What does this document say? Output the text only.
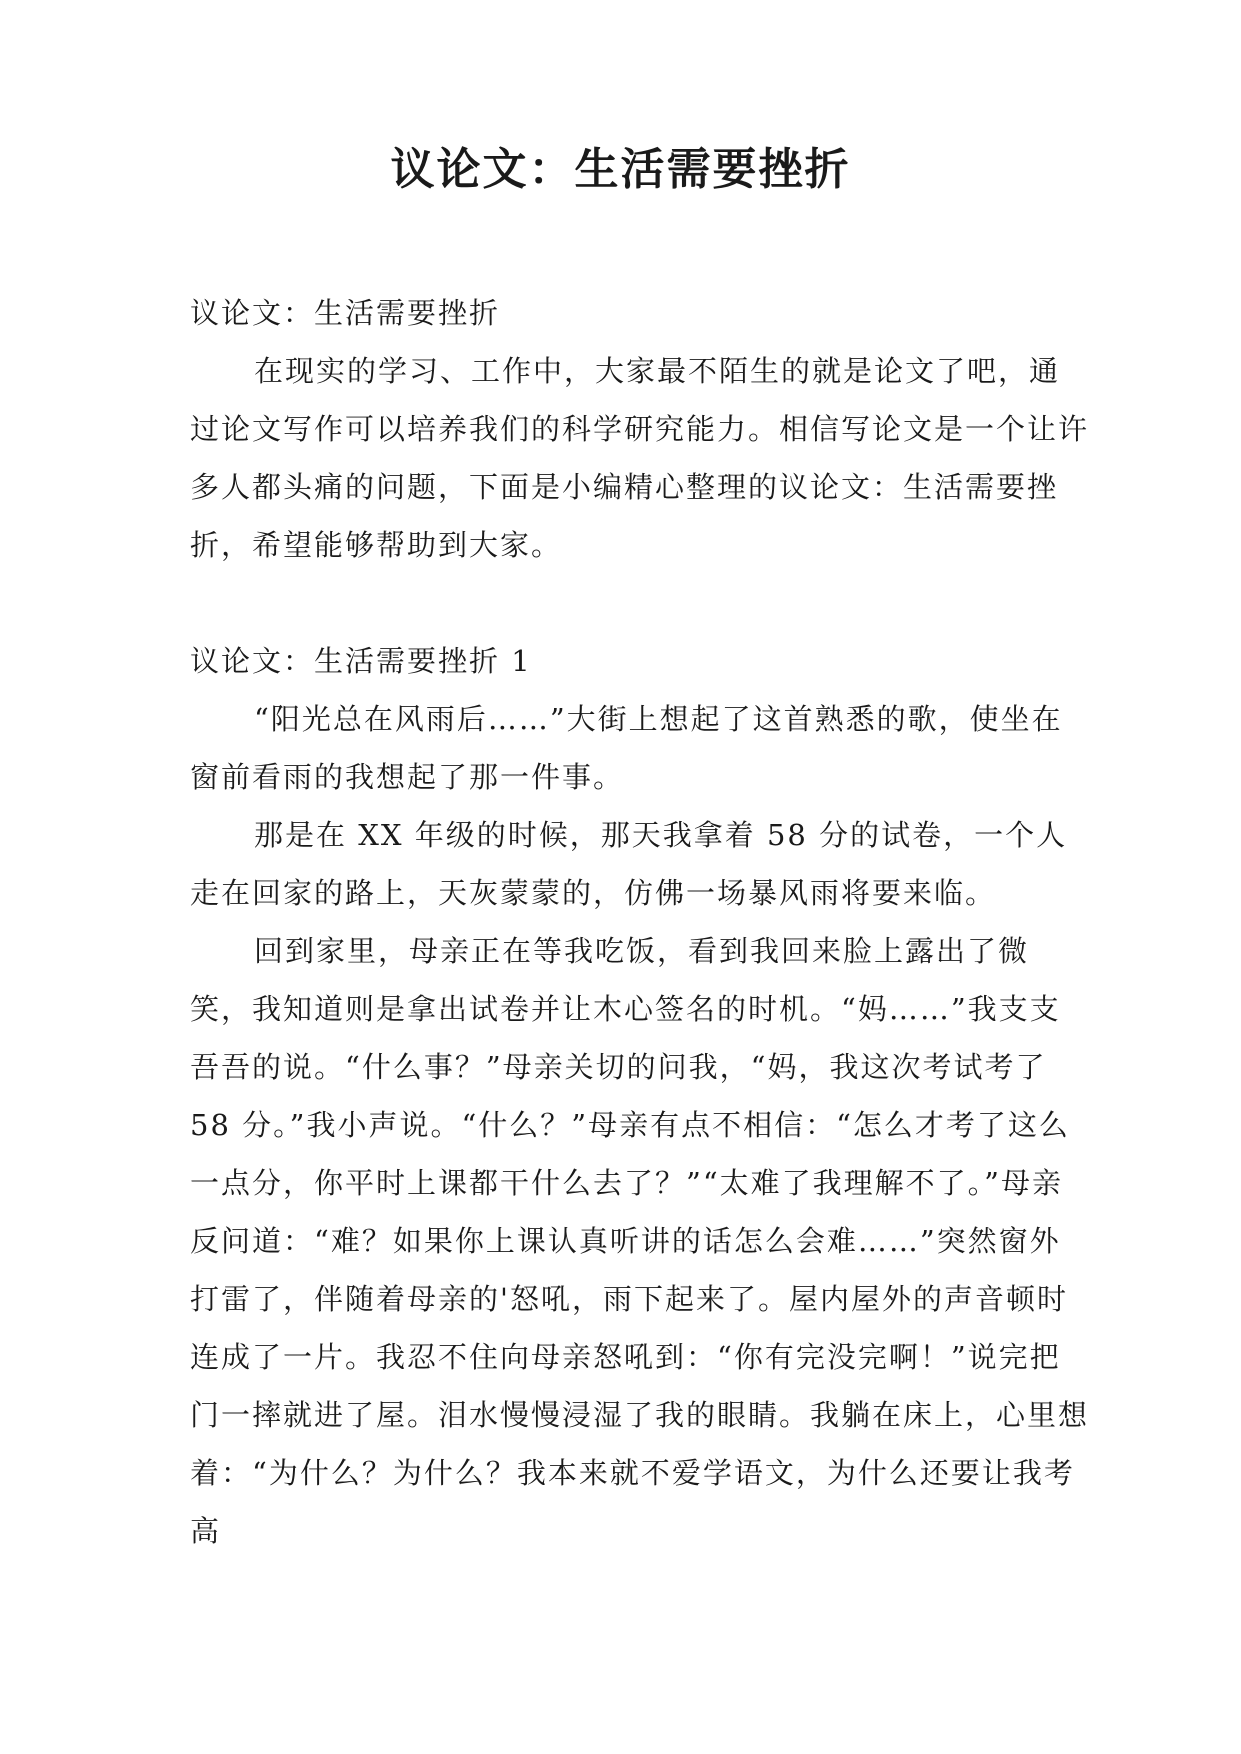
议论文：生活需要挫折

议论文：生活需要挫折

在现实的学习、工作中，大家最不陌生的就是论文了吧，通过论文写作可以培养我们的科学研究能力。相信写论文是一个让许多人都头痛的问题，下面是小编精心整理的议论文：生活需要挫折，希望能够帮助到大家。

议论文：生活需要挫折 1

“阳光总在风雨后……”大街上想起了这首熟悉的歌，使坐在窗前看雨的我想起了那一件事。

那是在 XX 年级的时候，那天我拿着 58 分的试卷，一个人走在回家的路上，天灰蒙蒙的，仿佛一场暴风雨将要来临。

回到家里，母亲正在等我吃饭，看到我回来脸上露出了微笑，我知道则是拿出试卷并让木心签名的时机。“妈……”我支支吾吾的说。“什么事？”母亲关切的问我，“妈，我这次考试考了 58 分。”我小声说。“什么？”母亲有点不相信：“怎么才考了这么一点分，你平时上课都干什么去了？”“太难了我理解不了。”母亲反问道：“难？如果你上课认真听讲的话怎么会难……”突然窗外打雷了，伴随着母亲的'怒吼，雨下起来了。屋内屋外的声音顿时连成了一片。我忍不住向母亲怒吼到：“你有完没完啊！”说完把门一摔就进了屋。泪水慢慢浸湿了我的眼睛。我躺在床上，心里想着：“为什么？为什么？我本来就不爱学语文，为什么还要让我考高
